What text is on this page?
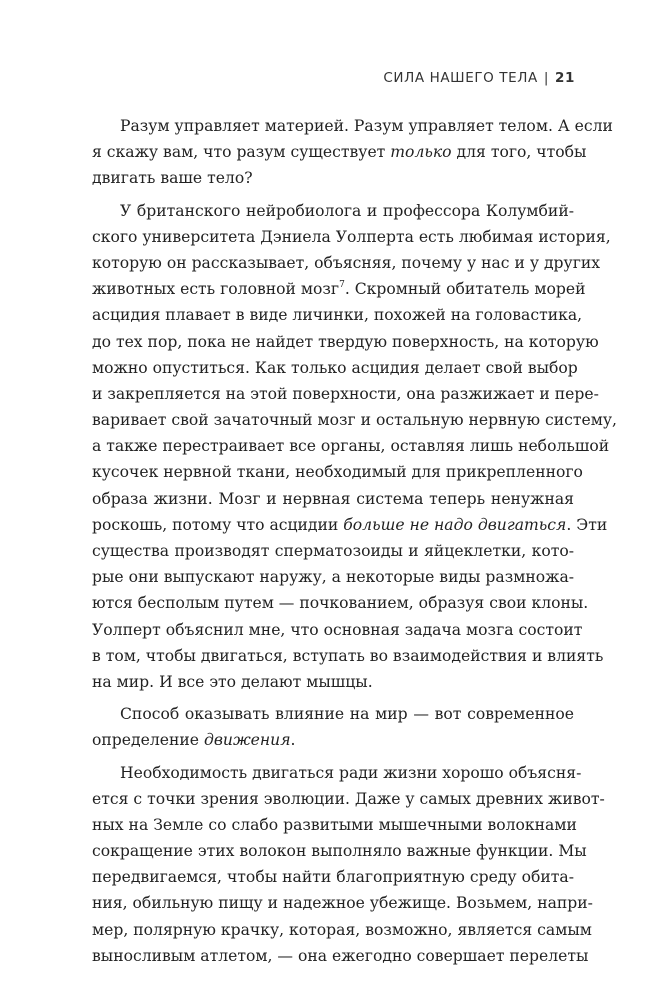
СИЛА НАШЕГО ТЕЛА | 21
Разум управляет материей. Разум управляет телом. А если
я скажу вам, что разум существует только для того, чтобы
двигать ваше тело?
У британского нейробиолога и профессора Колумбий-
ского университета Дэниела Уолперта есть любимая история,
которую он рассказывает, объясняя, почему у нас и у других
животных есть головной мозг$^7$. Скромный обитатель морей
асцидия плавает в виде личинки, похожей на головастика,
до тех пор, пока не найдет твердую поверхность, на которую
можно опуститься. Как только асцидия делает свой выбор
и закрепляется на этой поверхности, она разжижает и пере-
варивает свой зачаточный мозг и остальную нервную систему,
а также перестраивает все органы, оставляя лишь небольшой
кусочек нервной ткани, необходимый для прикрепленного
образа жизни. Мозг и нервная система теперь ненужная
роскошь, потому что асцидии больше не надо двигаться. Эти
существа производят сперматозоиды и яйцеклетки, кото-
рые они выпускают наружу, а некоторые виды размножа-
ются бесполым путем — почкованием, образуя свои клоны.
Уолперт объяснил мне, что основная задача мозга состоит
в том, чтобы двигаться, вступать во взаимодействия и влиять
на мир. И все это делают мышцы.
Способ оказывать влияние на мир — вот современное
определение движения.
Необходимость двигаться ради жизни хорошо объясня-
ется с точки зрения эволюции. Даже у самых древних живот-
ных на Земле со слабо развитыми мышечными волокнами
сокращение этих волокон выполняло важные функции. Мы
передвигаемся, чтобы найти благоприятную среду обита-
ния, обильную пищу и надежное убежище. Возьмем, напри-
мер, полярную крачку, которая, возможно, является самым
выносливым атлетом, — она ежегодно совершает перелеты
